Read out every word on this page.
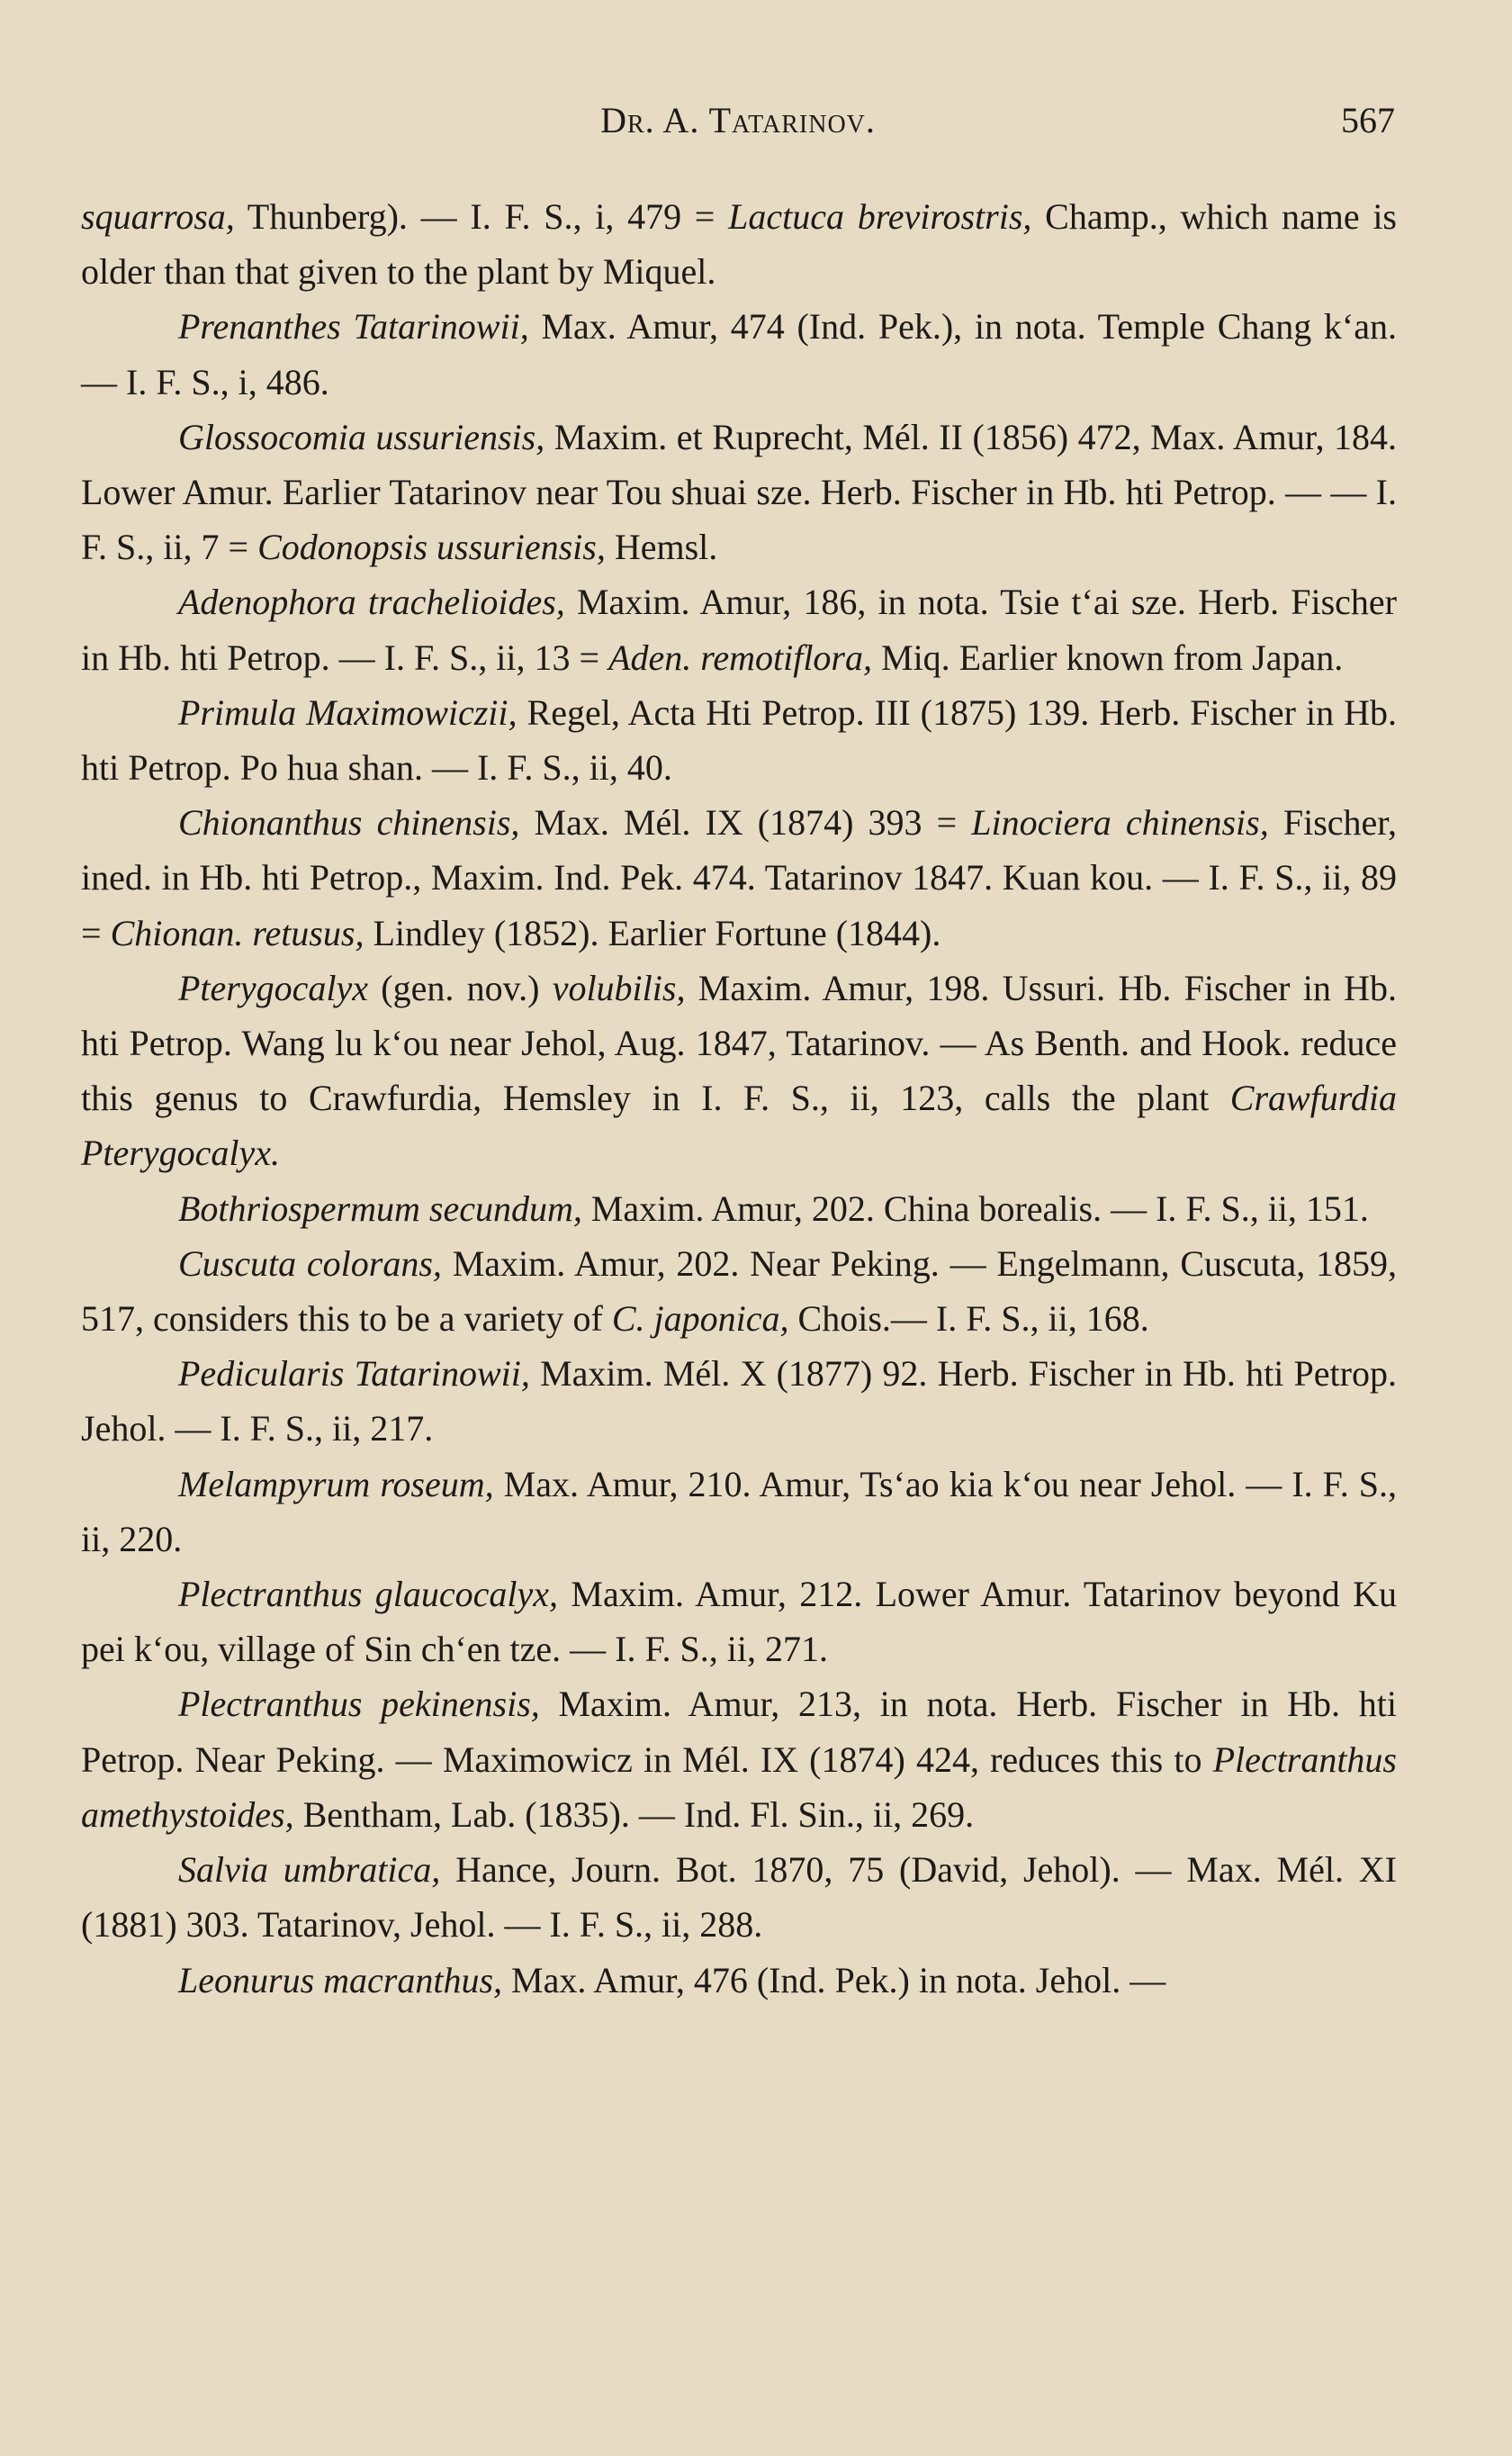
Dr. A. Tatarinov.	567

squarrosa, Thunberg). — I. F. S., i, 479 = Lactuca brevirostris, Champ., which name is older than that given to the plant by Miquel.

Prenanthes Tatarinowii, Max. Amur, 474 (Ind. Pek.), in nota. Temple Chang k‘an. — I. F. S., i, 486.

Glossocomia ussuriensis, Maxim. et Ruprecht, Mél. II (1856) 472, Max. Amur, 184. Lower Amur. Earlier Tatarinov near Tou shuai sze. Herb. Fischer in Hb. hti Petrop. — — I. F. S., ii, 7 = Codonopsis ussuriensis, Hemsl.

Adenophora trachelioides, Maxim. Amur, 186, in nota. Tsie t‘ai sze. Herb. Fischer in Hb. hti Petrop. — I. F. S., ii, 13 = Aden. remotiflora, Miq. Earlier known from Japan.

Primula Maximowiczii, Regel, Acta Hti Petrop. III (1875) 139. Herb. Fischer in Hb. hti Petrop. Po hua shan. — I. F. S., ii, 40.

Chionanthus chinensis, Max. Mél. IX (1874) 393 = Linociera chinensis, Fischer, ined. in Hb. hti Petrop., Maxim. Ind. Pek. 474. Tatarinov 1847. Kuan kou. — I. F. S., ii, 89 = Chionan. retusus, Lindley (1852). Earlier Fortune (1844).

Pterygocalyx (gen. nov.) volubilis, Maxim. Amur, 198. Ussuri. Hb. Fischer in Hb. hti Petrop. Wang lu k‘ou near Jehol, Aug. 1847, Tatarinov. — As Benth. and Hook. reduce this genus to Crawfurdia, Hemsley in I. F. S., ii, 123, calls the plant Crawfurdia Pterygocalyx.

Bothriospermum secundum, Maxim. Amur, 202. China borealis. — I. F. S., ii, 151.

Cuscuta colorans, Maxim. Amur, 202. Near Peking. — Engelmann, Cuscuta, 1859, 517, considers this to be a variety of C. japonica, Chois.— I. F. S., ii, 168.

Pedicularis Tatarinowii, Maxim. Mél. X (1877) 92. Herb. Fischer in Hb. hti Petrop. Jehol. — I. F. S., ii, 217.

Melampyrum roseum, Max. Amur, 210. Amur, Ts‘ao kia k‘ou near Jehol. — I. F. S., ii, 220.

Plectranthus glaucocalyx, Maxim. Amur, 212. Lower Amur. Tatarinov beyond Ku pei k‘ou, village of Sin ch‘en tze. — I. F. S., ii, 271.

Plectranthus pekinensis, Maxim. Amur, 213, in nota. Herb. Fischer in Hb. hti Petrop. Near Peking. — Maximowicz in Mél. IX (1874) 424, reduces this to Plectranthus amethystoides, Bentham, Lab. (1835). — Ind. Fl. Sin., ii, 269.

Salvia umbratica, Hance, Journ. Bot. 1870, 75 (David, Jehol). — Max. Mél. XI (1881) 303. Tatarinov, Jehol. — I. F. S., ii, 288.

Leonurus macranthus, Max. Amur, 476 (Ind. Pek.) in nota. Jehol. —
